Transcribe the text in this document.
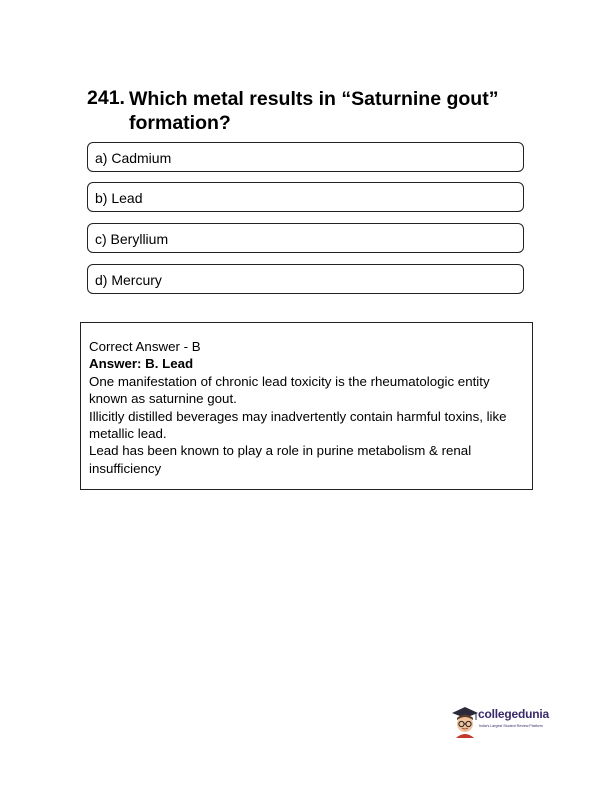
241. Which metal results in “Saturnine gout” formation?
a) Cadmium
b) Lead
c) Beryllium
d) Mercury
Correct Answer - B
Answer: B. Lead
One manifestation of chronic lead toxicity is the rheumatologic entity known as saturnine gout.
Illicitly distilled beverages may inadvertently contain harmful toxins, like metallic lead.
Lead has been known to play a role in purine metabolism & renal insufficiency
collegedunia
India's Largest Student Review Platform
